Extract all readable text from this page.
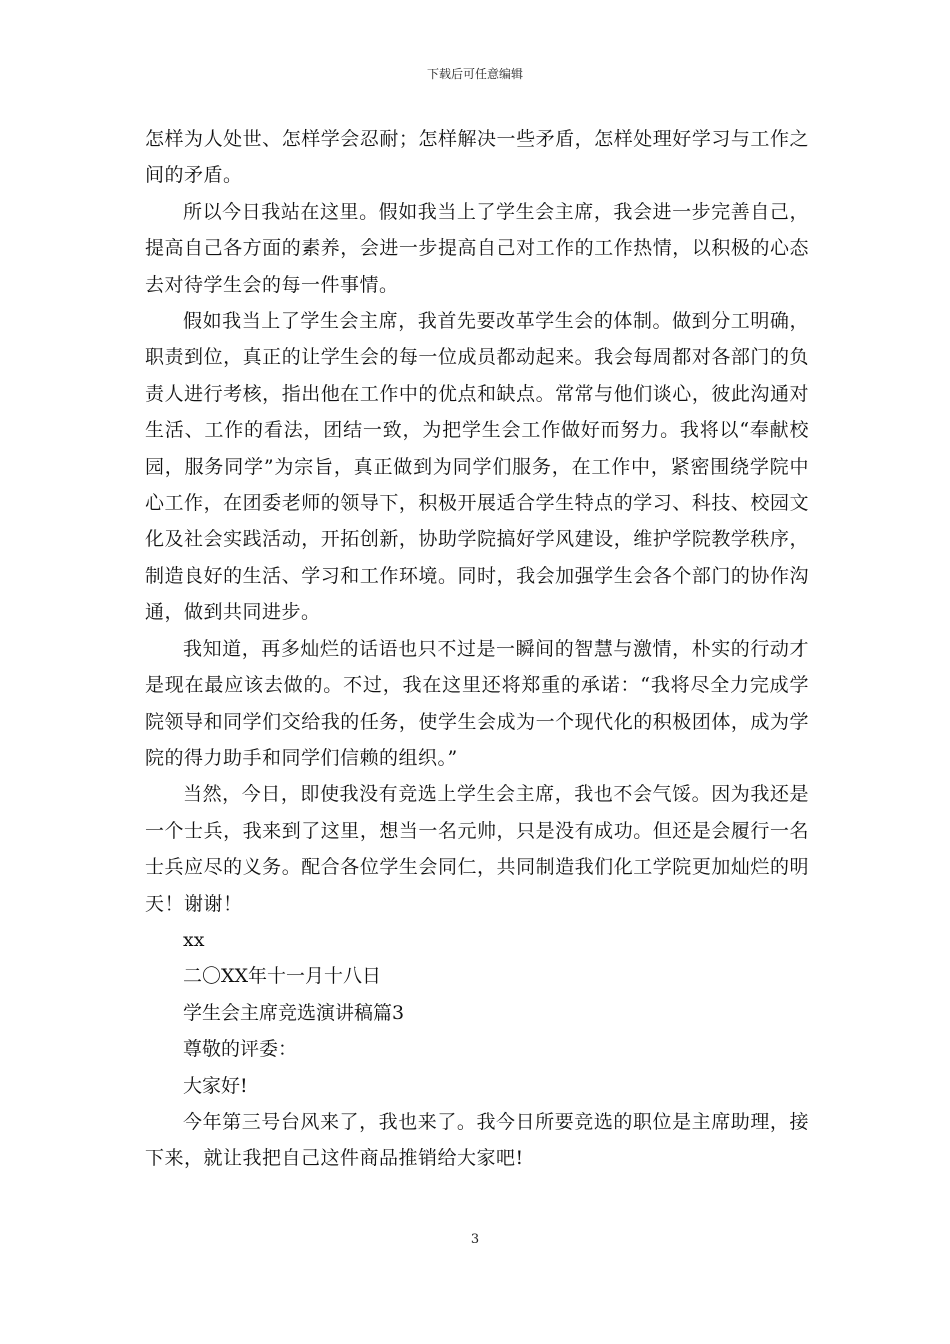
下载后可任意编辑

怎样为人处世、怎样学会忍耐；怎样解决一些矛盾，怎样处理好学习与工作之间的矛盾。

所以今日我站在这里。假如我当上了学生会主席，我会进一步完善自己，提高自己各方面的素养，会进一步提高自己对工作的工作热情，以积极的心态去对待学生会的每一件事情。

假如我当上了学生会主席，我首先要改革学生会的体制。做到分工明确，职责到位，真正的让学生会的每一位成员都动起来。我会每周都对各部门的负责人进行考核，指出他在工作中的优点和缺点。常常与他们谈心，彼此沟通对生活、工作的看法，团结一致，为把学生会工作做好而努力。我将以“奉献校园，服务同学”为宗旨，真正做到为同学们服务，在工作中，紧密围绕学院中心工作，在团委老师的领导下，积极开展适合学生特点的学习、科技、校园文化及社会实践活动，开拓创新，协助学院搞好学风建设，维护学院教学秩序，制造良好的生活、学习和工作环境。同时，我会加强学生会各个部门的协作沟通，做到共同进步。

我知道，再多灿烂的话语也只不过是一瞬间的智慧与激情，朴实的行动才是现在最应该去做的。不过，我在这里还将郑重的承诺：“我将尽全力完成学院领导和同学们交给我的任务，使学生会成为一个现代化的积极团体，成为学院的得力助手和同学们信赖的组织。”

当然，今日，即使我没有竞选上学生会主席，我也不会气馁。因为我还是一个士兵，我来到了这里，想当一名元帅，只是没有成功。但还是会履行一名士兵应尽的义务。配合各位学生会同仁，共同制造我们化工学院更加灿烂的明天！谢谢！

xx

二〇XX年十一月十八日

学生会主席竞选演讲稿篇3

尊敬的评委：

大家好!

今年第三号台风来了，我也来了。我今日所要竞选的职位是主席助理，接下来，就让我把自己这件商品推销给大家吧!

3
